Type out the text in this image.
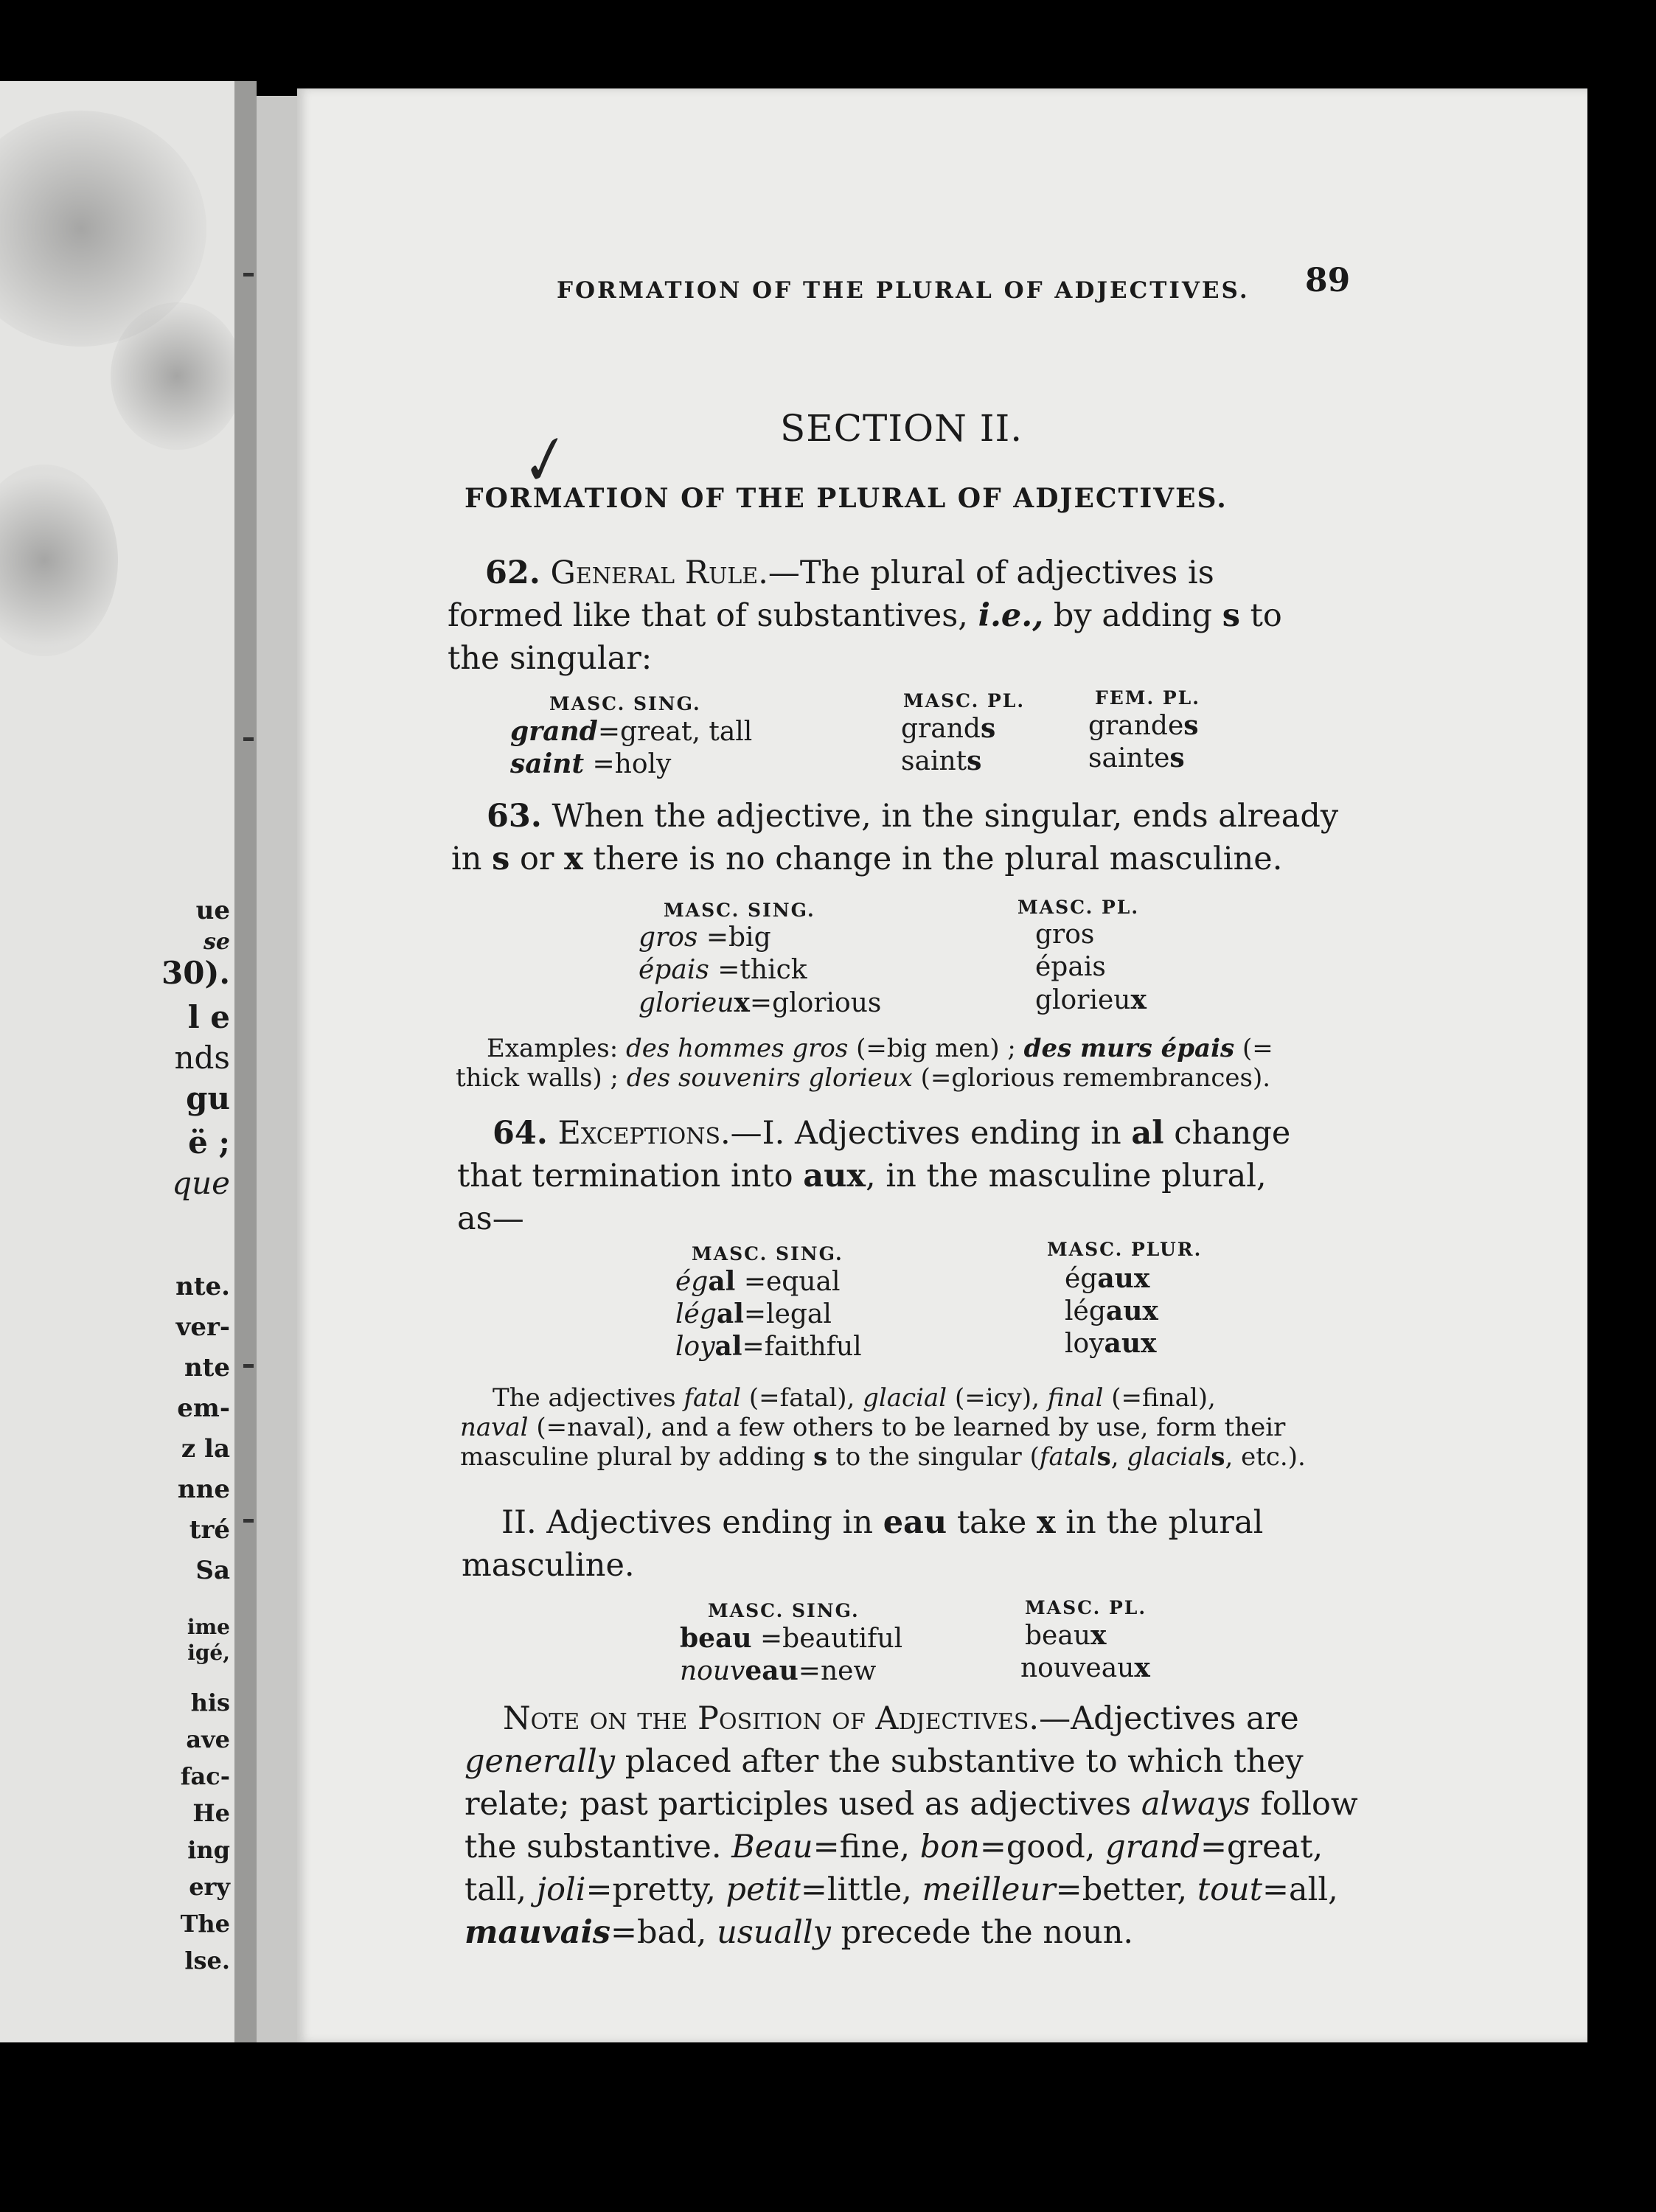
ue
se
30).
l e
nds
gu
ë ;
que
nte.
ver-
nte
em-
z la
nne
tré
Sa
ime
igé,
his
ave
fac-
He
ing
ery
The
lse.
✓
FORMATION OF THE PLURAL OF ADJECTIVES. 89
SECTION II.
FORMATION OF THE PLURAL OF ADJECTIVES.
62. General Rule.—The plural of adjectives is
formed like that of substantives, i.e., by adding s to
the singular:
MASC. SING.	MASC. PL.	FEM. PL.
grand=great, tall	grands	grandes
saint =holy	saints	saintes
63. When the adjective, in the singular, ends already
in s or x there is no change in the plural masculine.
MASC. SING.	MASC. PL.
gros =big	gros
épais =thick	épais
glorieux=glorious	glorieux
Examples: des hommes gros (=big men) ; des murs épais (=
thick walls) ; des souvenirs glorieux (=glorious remembrances).
64. Exceptions.—I. Adjectives ending in al change
that termination into aux, in the masculine plural,
as—
MASC. SING.	MASC. PLUR.
égal =equal	égaux
légal=legal	légaux
loyal=faithful	loyaux
The adjectives fatal (=fatal), glacial (=icy), final (=final),
naval (=naval), and a few others to be learned by use, form their
masculine plural by adding s to the singular (fatals, glacials, etc.).
II. Adjectives ending in eau take x in the plural
masculine.
MASC. SING.	MASC. PL.
beau =beautiful	beaux
nouveau=new	nouveaux
Note on the Position of Adjectives.—Adjectives are
generally placed after the substantive to which they
relate; past participles used as adjectives always follow
the substantive. Beau=fine, bon=good, grand=great,
tall, joli=pretty, petit=little, meilleur=better, tout=all,
mauvais=bad, usually precede the noun.
